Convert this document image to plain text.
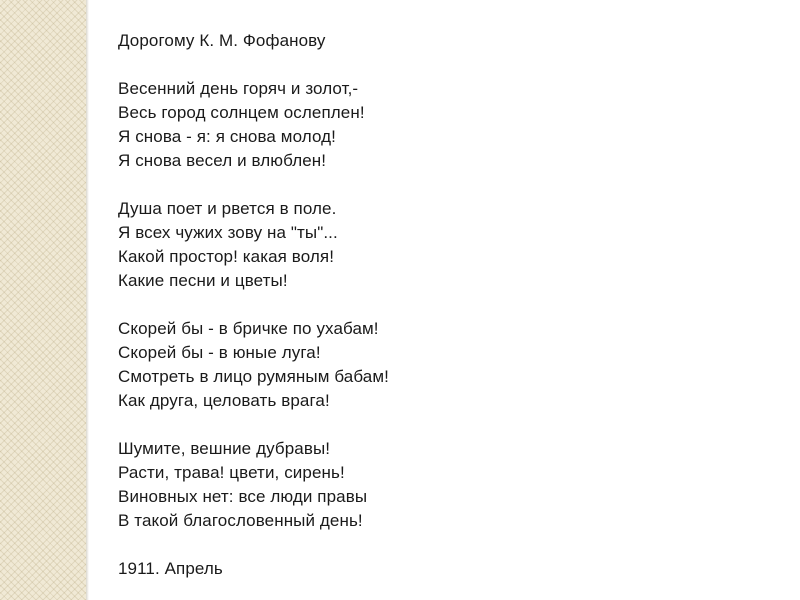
Дорогому К. М. Фофанову
Весенний день горяч и золот,-
Весь город солнцем ослеплен!
Я снова - я: я снова молод!
Я снова весел и влюблен!
Душа поет и рвется в поле.
Я всех чужих зову на "ты"...
Какой простор! какая воля!
Какие песни и цветы!
Скорей бы - в бричке по ухабам!
Скорей бы - в юные луга!
Смотреть в лицо румяным бабам!
Как друга, целовать врага!
Шумите, вешние дубравы!
Расти, трава! цвети, сирень!
Виновных нет: все люди правы
В такой благословенный день!
1911. Апрель
